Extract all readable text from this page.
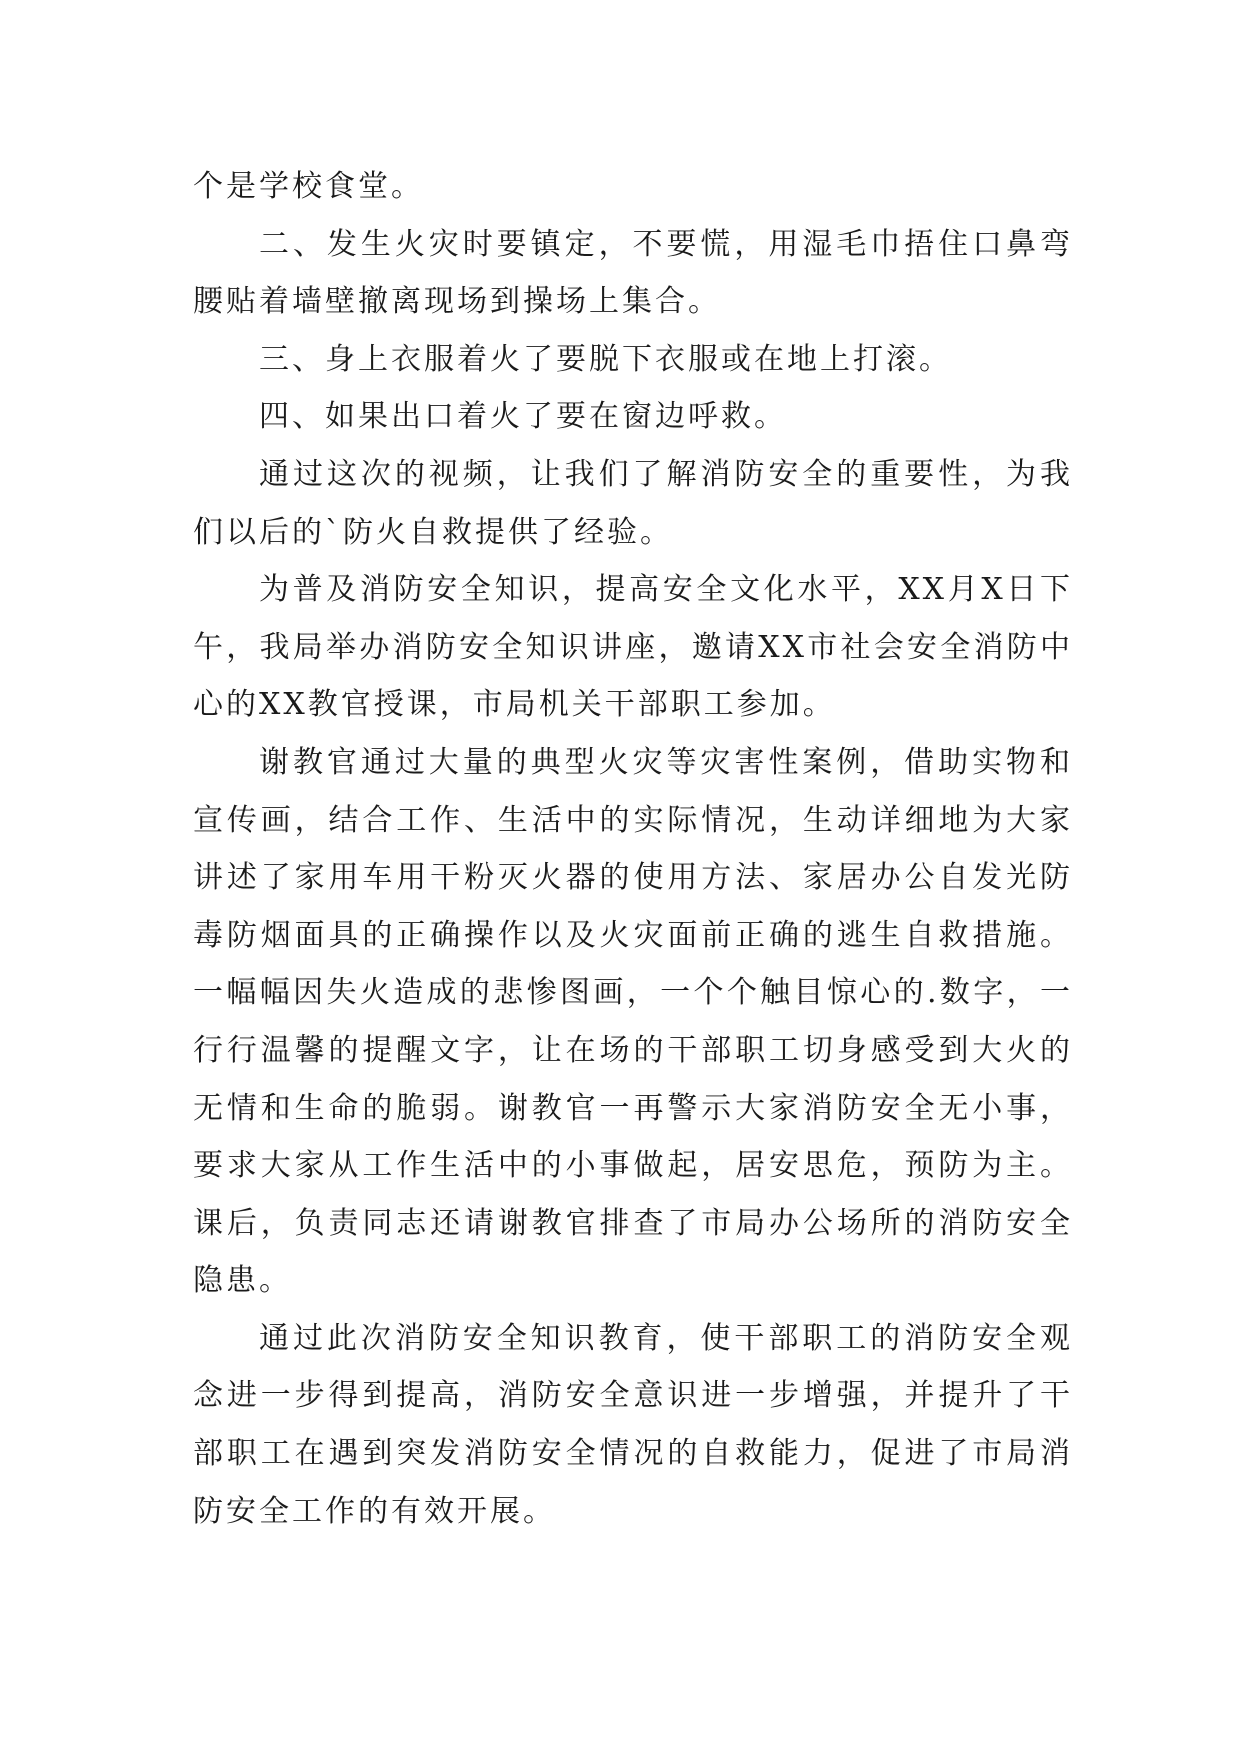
个是学校食堂。

二、发生火灾时要镇定，不要慌，用湿毛巾捂住口鼻弯腰贴着墙壁撤离现场到操场上集合。

三、身上衣服着火了要脱下衣服或在地上打滚。

四、如果出口着火了要在窗边呼救。

通过这次的视频，让我们了解消防安全的重要性，为我们以后的`防火自救提供了经验。

为普及消防安全知识，提高安全文化水平，XX月X日下午，我局举办消防安全知识讲座，邀请XX市社会安全消防中心的XX教官授课，市局机关干部职工参加。

谢教官通过大量的典型火灾等灾害性案例，借助实物和宣传画，结合工作、生活中的实际情况，生动详细地为大家讲述了家用车用干粉灭火器的使用方法、家居办公自发光防毒防烟面具的正确操作以及火灾面前正确的逃生自救措施。一幅幅因失火造成的悲惨图画，一个个触目惊心的.数字，一行行温馨的提醒文字，让在场的干部职工切身感受到大火的无情和生命的脆弱。谢教官一再警示大家消防安全无小事，要求大家从工作生活中的小事做起，居安思危，预防为主。课后，负责同志还请谢教官排查了市局办公场所的消防安全隐患。

通过此次消防安全知识教育，使干部职工的消防安全观念进一步得到提高，消防安全意识进一步增强，并提升了干部职工在遇到突发消防安全情况的自救能力，促进了市局消防安全工作的有效开展。
